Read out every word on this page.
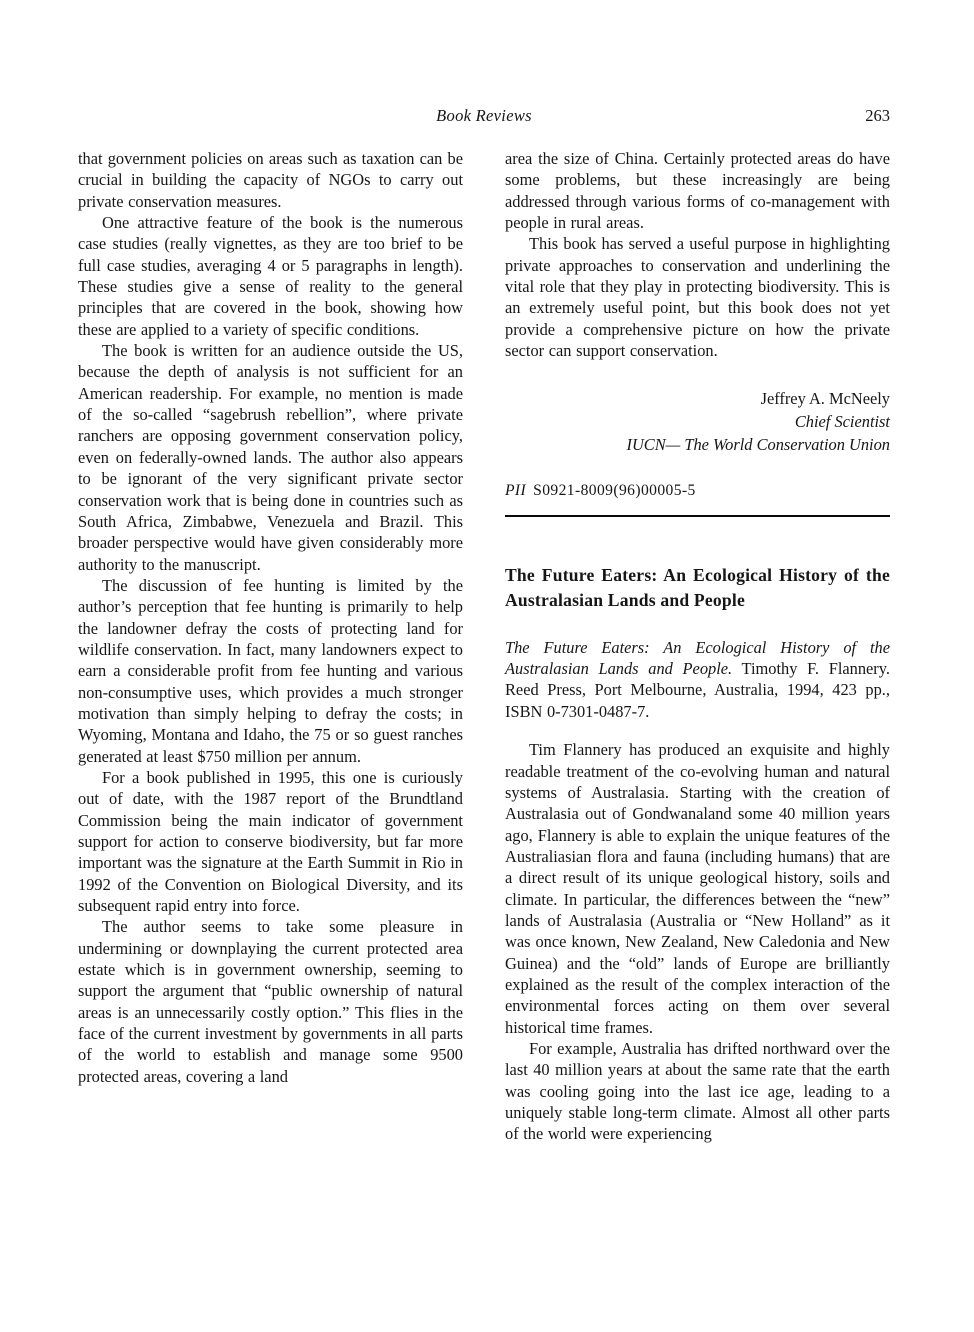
Book Reviews	263

that government policies on areas such as taxation can be crucial in building the capacity of NGOs to carry out private conservation measures.

One attractive feature of the book is the numerous case studies (really vignettes, as they are too brief to be full case studies, averaging 4 or 5 paragraphs in length). These studies give a sense of reality to the general principles that are covered in the book, showing how these are applied to a variety of specific conditions.

The book is written for an audience outside the US, because the depth of analysis is not sufficient for an American readership. For example, no mention is made of the so-called “sagebrush rebellion”, where private ranchers are opposing government conservation policy, even on federally-owned lands. The author also appears to be ignorant of the very significant private sector conservation work that is being done in countries such as South Africa, Zimbabwe, Venezuela and Brazil. This broader perspective would have given considerably more authority to the manuscript.

The discussion of fee hunting is limited by the author’s perception that fee hunting is primarily to help the landowner defray the costs of protecting land for wildlife conservation. In fact, many landowners expect to earn a considerable profit from fee hunting and various non-consumptive uses, which provides a much stronger motivation than simply helping to defray the costs; in Wyoming, Montana and Idaho, the 75 or so guest ranches generated at least $750 million per annum.

For a book published in 1995, this one is curiously out of date, with the 1987 report of the Brundtland Commission being the main indicator of government support for action to conserve biodiversity, but far more important was the signature at the Earth Summit in Rio in 1992 of the Convention on Biological Diversity, and its subsequent rapid entry into force.

The author seems to take some pleasure in undermining or downplaying the current protected area estate which is in government ownership, seeming to support the argument that “public ownership of natural areas is an unnecessarily costly option.” This flies in the face of the current investment by governments in all parts of the world to establish and manage some 9500 protected areas, covering a land

area the size of China. Certainly protected areas do have some problems, but these increasingly are being addressed through various forms of co-management with people in rural areas.

This book has served a useful purpose in highlighting private approaches to conservation and underlining the vital role that they play in protecting biodiversity. This is an extremely useful point, but this book does not yet provide a comprehensive picture on how the private sector can support conservation.

Jeffrey A. McNeely
Chief Scientist
IUCN— The World Conservation Union

PII S0921-8009(96)00005-5

The Future Eaters: An Ecological History of the Australasian Lands and People

The Future Eaters: An Ecological History of the Australasian Lands and People. Timothy F. Flannery. Reed Press, Port Melbourne, Australia, 1994, 423 pp., ISBN 0-7301-0487-7.

Tim Flannery has produced an exquisite and highly readable treatment of the co-evolving human and natural systems of Australasia. Starting with the creation of Australasia out of Gondwanaland some 40 million years ago, Flannery is able to explain the unique features of the Australiasian flora and fauna (including humans) that are a direct result of its unique geological history, soils and climate. In particular, the differences between the “new” lands of Australasia (Australia or “New Holland” as it was once known, New Zealand, New Caledonia and New Guinea) and the “old” lands of Europe are brilliantly explained as the result of the complex interaction of the environmental forces acting on them over several historical time frames.

For example, Australia has drifted northward over the last 40 million years at about the same rate that the earth was cooling going into the last ice age, leading to a uniquely stable long-term climate. Almost all other parts of the world were experiencing
